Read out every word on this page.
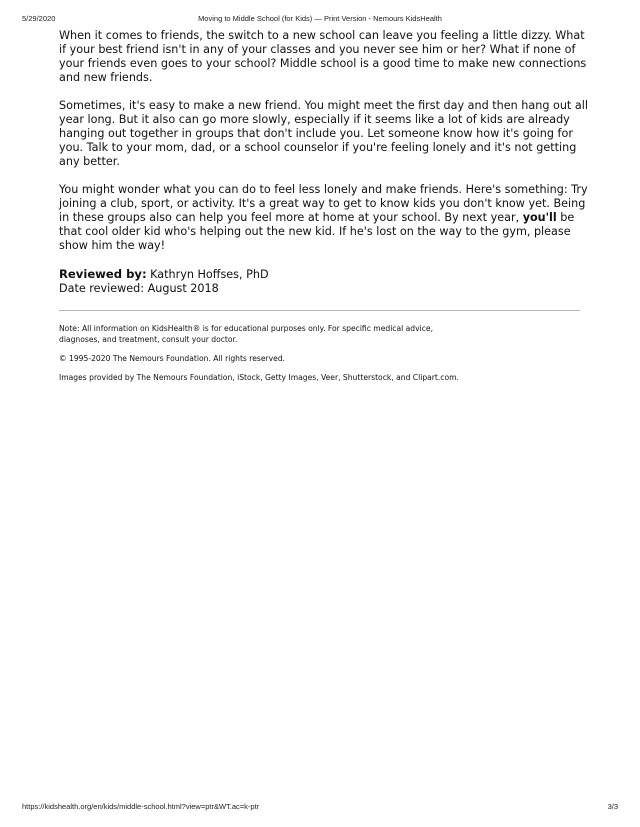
5/29/2020	Moving to Middle School (for Kids) — Print Version - Nemours KidsHealth

When it comes to friends, the switch to a new school can leave you feeling a little dizzy. What if your best friend isn't in any of your classes and you never see him or her? What if none of your friends even goes to your school? Middle school is a good time to make new connections and new friends.

Sometimes, it's easy to make a new friend. You might meet the first day and then hang out all year long. But it also can go more slowly, especially if it seems like a lot of kids are already hanging out together in groups that don't include you. Let someone know how it's going for you. Talk to your mom, dad, or a school counselor if you're feeling lonely and it's not getting any better.

You might wonder what you can do to feel less lonely and make friends. Here's something: Try joining a club, sport, or activity. It's a great way to get to know kids you don't know yet. Being in these groups also can help you feel more at home at your school. By next year, you'll be that cool older kid who's helping out the new kid. If he's lost on the way to the gym, please show him the way!

Reviewed by: Kathryn Hoffses, PhD
Date reviewed: August 2018

Note: All information on KidsHealth® is for educational purposes only. For specific medical advice, diagnoses, and treatment, consult your doctor.

© 1995-2020 The Nemours Foundation. All rights reserved.

Images provided by The Nemours Foundation, iStock, Getty Images, Veer, Shutterstock, and Clipart.com.

https://kidshealth.org/en/kids/middle-school.html?view=ptr&WT.ac=k-ptr	3/3
